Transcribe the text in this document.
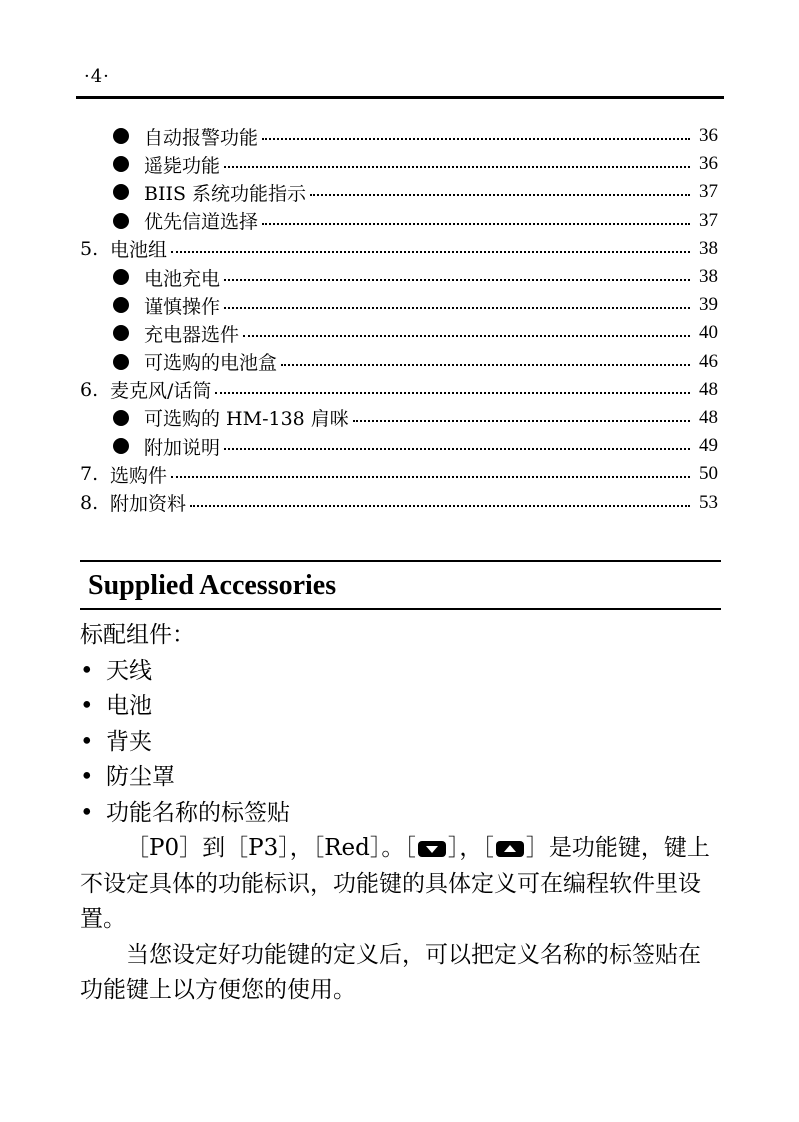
·4·
自动报警功能	36
遥毙功能	36
BIIS 系统功能指示	37
优先信道选择	37
5. 电池组	38
电池充电	38
谨慎操作	39
充电器选件	40
可选购的电池盒	46
6. 麦克风/话筒	48
可选购的 HM-138 肩咪	48
附加说明	49
7. 选购件	50
8. 附加资料	53
Supplied Accessories

标配组件：

• 天线
• 电池
• 背夹
• 防尘罩
• 功能名称的标签贴

［P0］到［P3］，［Red］。［ ］，［ ］是功能键，键上不设定具体的功能标识，功能键的具体定义可在编程软件里设置。

当您设定好功能键的定义后，可以把定义名称的标签贴在功能键上以方便您的使用。
